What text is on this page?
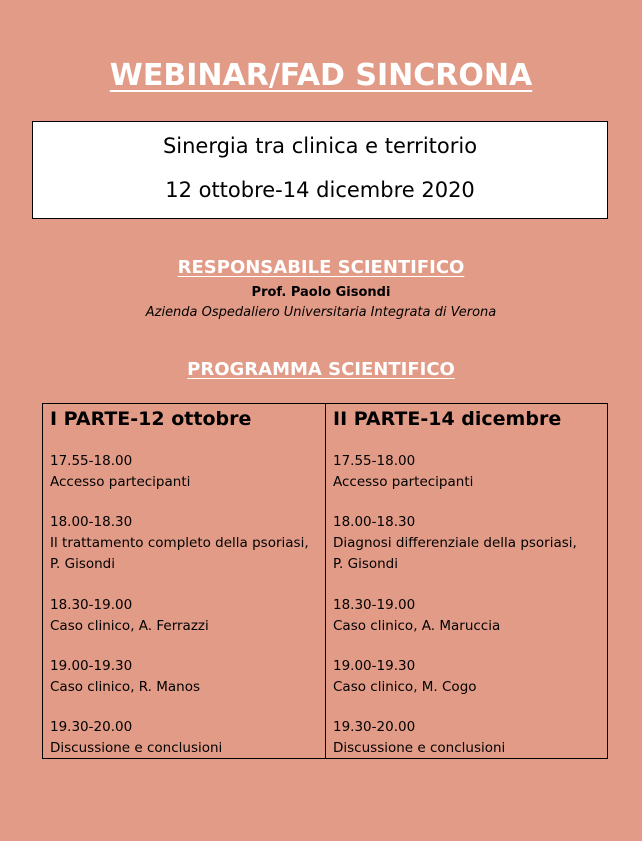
WEBINAR/FAD SINCRONA
Sinergia tra clinica e territorio
12 ottobre-14 dicembre 2020
RESPONSABILE SCIENTIFICO
Prof. Paolo Gisondi
Azienda Ospedaliero Universitaria Integrata di Verona
PROGRAMMA SCIENTIFICO
I PARTE-12 ottobre
17.55-18.00
Accesso partecipanti
18.00-18.30
Il trattamento completo della psoriasi,
P. Gisondi
18.30-19.00
Caso clinico, A. Ferrazzi
19.00-19.30
Caso clinico, R. Manos
19.30-20.00
Discussione e conclusioni
II PARTE-14 dicembre
17.55-18.00
Accesso partecipanti
18.00-18.30
Diagnosi differenziale della psoriasi,
P. Gisondi
18.30-19.00
Caso clinico, A. Maruccia
19.00-19.30
Caso clinico, M. Cogo
19.30-20.00
Discussione e conclusioni
